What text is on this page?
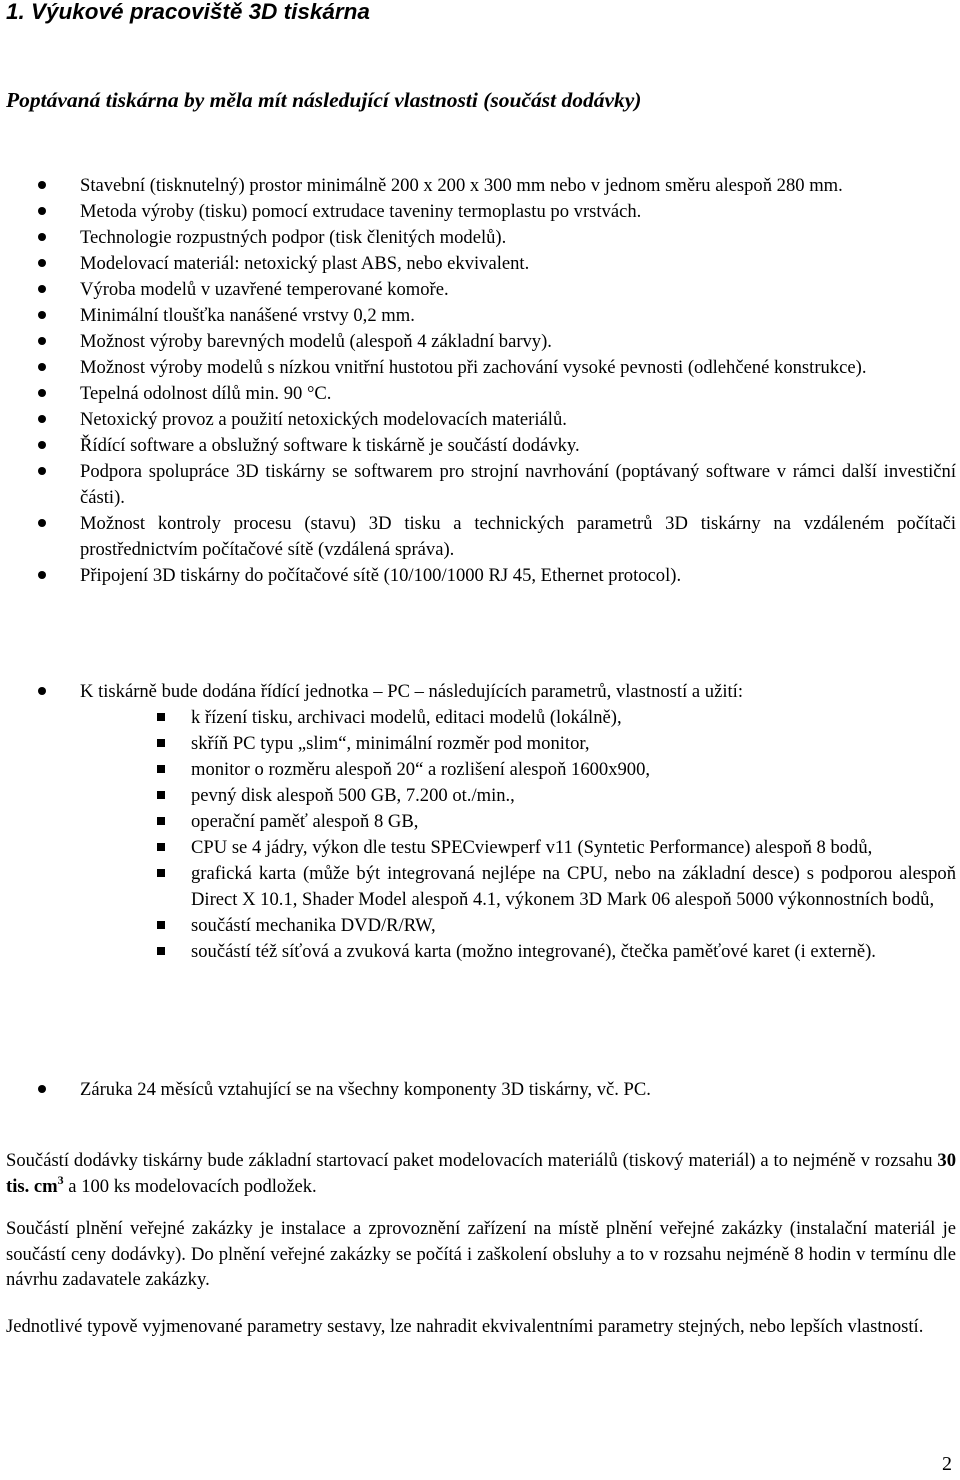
1. Výukové pracoviště 3D tiskárna
Poptávaná tiskárna by měla mít následující vlastnosti (součást dodávky)
Stavební (tisknutelný) prostor minimálně 200 x 200 x 300 mm nebo v jednom směru alespoň 280 mm.
Metoda výroby (tisku) pomocí extrudace taveniny termoplastu po vrstvách.
Technologie rozpustných podpor (tisk členitých modelů).
Modelovací materiál: netoxický plast ABS, nebo ekvivalent.
Výroba modelů v uzavřené temperované komoře.
Minimální tloušťka nanášené vrstvy 0,2 mm.
Možnost výroby barevných modelů (alespoň 4 základní barvy).
Možnost výroby modelů s nízkou vnitřní hustotou při zachování vysoké pevnosti (odlehčené konstrukce).
Tepelná odolnost dílů min. 90 °C.
Netoxický provoz a použití netoxických modelovacích materiálů.
Řídící software a obslužný software k tiskárně je součástí dodávky.
Podpora spolupráce 3D tiskárny se softwarem pro strojní navrhování (poptávaný software v rámci další investiční části).
Možnost kontroly procesu (stavu) 3D tisku a technických parametrů 3D tiskárny na vzdáleném počítači prostřednictvím počítačové sítě (vzdálená správa).
Připojení 3D tiskárny do počítačové sítě (10/100/1000 RJ 45, Ethernet protocol).
K tiskárně bude dodána řídící jednotka – PC – následujících parametrů, vlastností a užití:
k řízení tisku, archivaci modelů, editaci modelů (lokálně),
skříň PC typu „slim“, minimální rozměr pod monitor,
monitor o rozměru alespoň 20“ a rozlišení alespoň 1600x900,
pevný disk alespoň 500 GB, 7.200 ot./min.,
operační paměť alespoň 8 GB,
CPU se 4 jádry, výkon dle testu SPECviewperf v11 (Syntetic Performance) alespoň 8 bodů,
grafická karta (může být integrovaná nejlépe na CPU, nebo na základní desce) s podporou alespoň Direct X 10.1, Shader Model alespoň 4.1, výkonem 3D Mark 06 alespoň 5000 výkonnostních bodů,
součástí mechanika DVD/R/RW,
součástí též síťová a zvuková karta (možno integrované), čtečka paměťové karet (i externě).
Záruka 24 měsíců vztahující se na všechny komponenty 3D tiskárny, vč. PC.

Součástí dodávky tiskárny bude základní startovací paket modelovacích materiálů (tiskový materiál) a to nejméně v rozsahu 30 tis. $cm^3$ a 100 ks modelovacích podložek.

Součástí plnění veřejné zakázky je instalace a zprovoznění zařízení na místě plnění veřejné zakázky (instalační materiál je součástí ceny dodávky). Do plnění veřejné zakázky se počítá i zaškolení obsluhy a to v rozsahu nejméně 8 hodin v termínu dle návrhu zadavatele zakázky.

Jednotlivé typově vyjmenované parametry sestavy, lze nahradit ekvivalentními parametry stejných, nebo lepších vlastností.

2
